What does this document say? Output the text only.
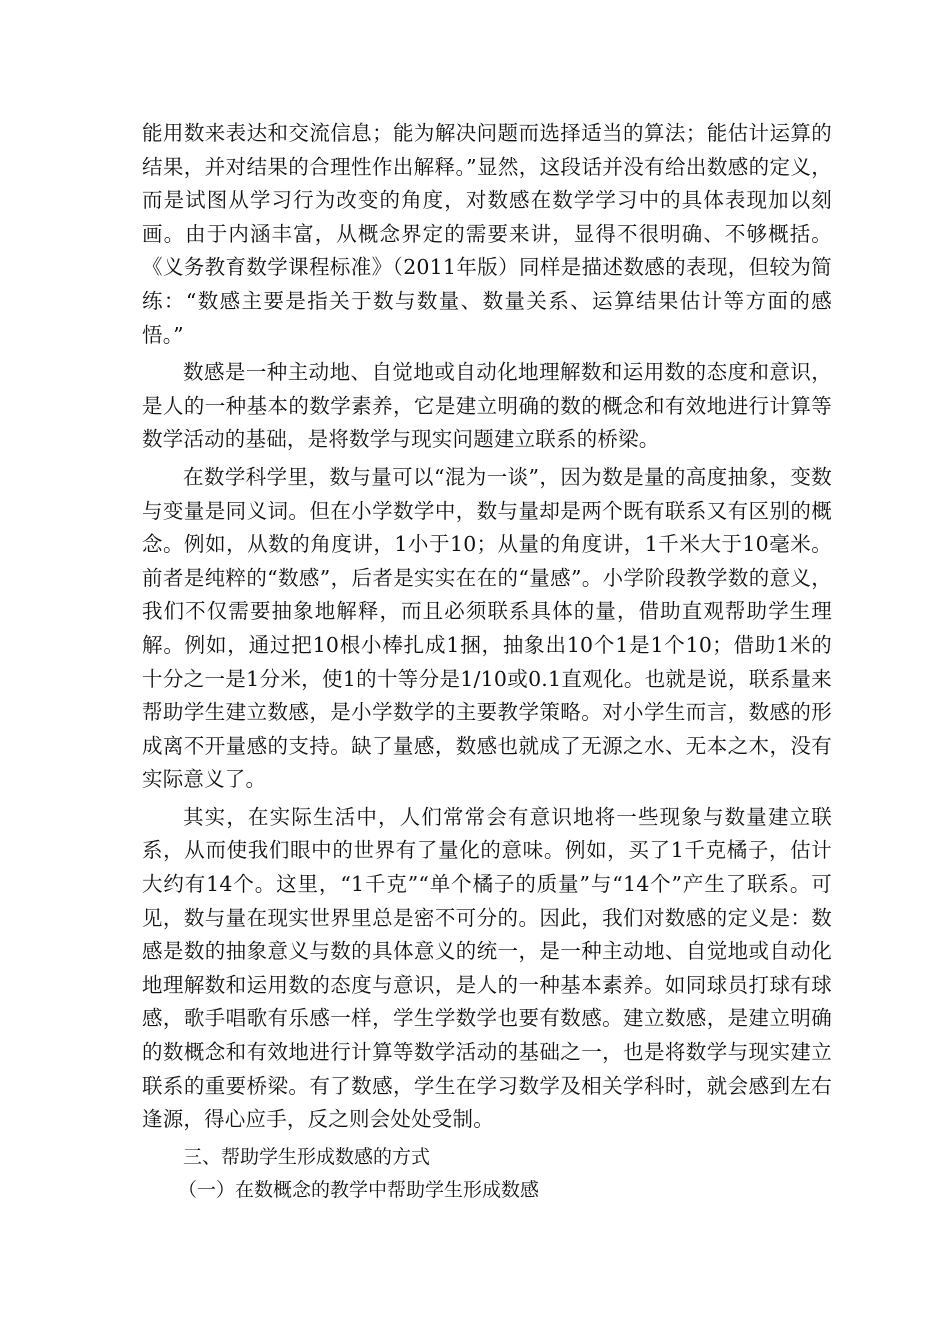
能用数来表达和交流信息；能为解决问题而选择适当的算法；能估计运算的结果，并对结果的合理性作出解释。”显然，这段话并没有给出数感的定义，而是试图从学习行为改变的角度，对数感在数学学习中的具体表现加以刻画。由于内涵丰富，从概念界定的需要来讲，显得不很明确、不够概括。《义务教育数学课程标准》（2011年版）同样是描述数感的表现，但较为简练：“数感主要是指关于数与数量、数量关系、运算结果估计等方面的感悟。”

数感是一种主动地、自觉地或自动化地理解数和运用数的态度和意识，是人的一种基本的数学素养，它是建立明确的数的概念和有效地进行计算等数学活动的基础，是将数学与现实问题建立联系的桥梁。

在数学科学里，数与量可以“混为一谈”，因为数是量的高度抽象，变数与变量是同义词。但在小学数学中，数与量却是两个既有联系又有区别的概念。例如，从数的角度讲，1小于10；从量的角度讲，1千米大于10毫米。前者是纯粹的“数感”，后者是实实在在的“量感”。小学阶段教学数的意义，我们不仅需要抽象地解释，而且必须联系具体的量，借助直观帮助学生理解。例如，通过把10根小棒扎成1捆，抽象出10个1是1个10；借助1米的十分之一是1分米，使1的十等分是1/10或0.1直观化。也就是说，联系量来帮助学生建立数感，是小学数学的主要教学策略。对小学生而言，数感的形成离不开量感的支持。缺了量感，数感也就成了无源之水、无本之木，没有实际意义了。

其实，在实际生活中，人们常常会有意识地将一些现象与数量建立联系，从而使我们眼中的世界有了量化的意味。例如，买了1千克橘子，估计大约有14个。这里，“1千克”“单个橘子的质量”与“14个”产生了联系。可见，数与量在现实世界里总是密不可分的。因此，我们对数感的定义是：数感是数的抽象意义与数的具体意义的统一，是一种主动地、自觉地或自动化地理解数和运用数的态度与意识，是人的一种基本素养。如同球员打球有球感，歌手唱歌有乐感一样，学生学数学也要有数感。建立数感，是建立明确的数概念和有效地进行计算等数学活动的基础之一，也是将数学与现实建立联系的重要桥梁。有了数感，学生在学习数学及相关学科时，就会感到左右逢源，得心应手，反之则会处处受制。

三、帮助学生形成数感的方式

（一）在数概念的教学中帮助学生形成数感
